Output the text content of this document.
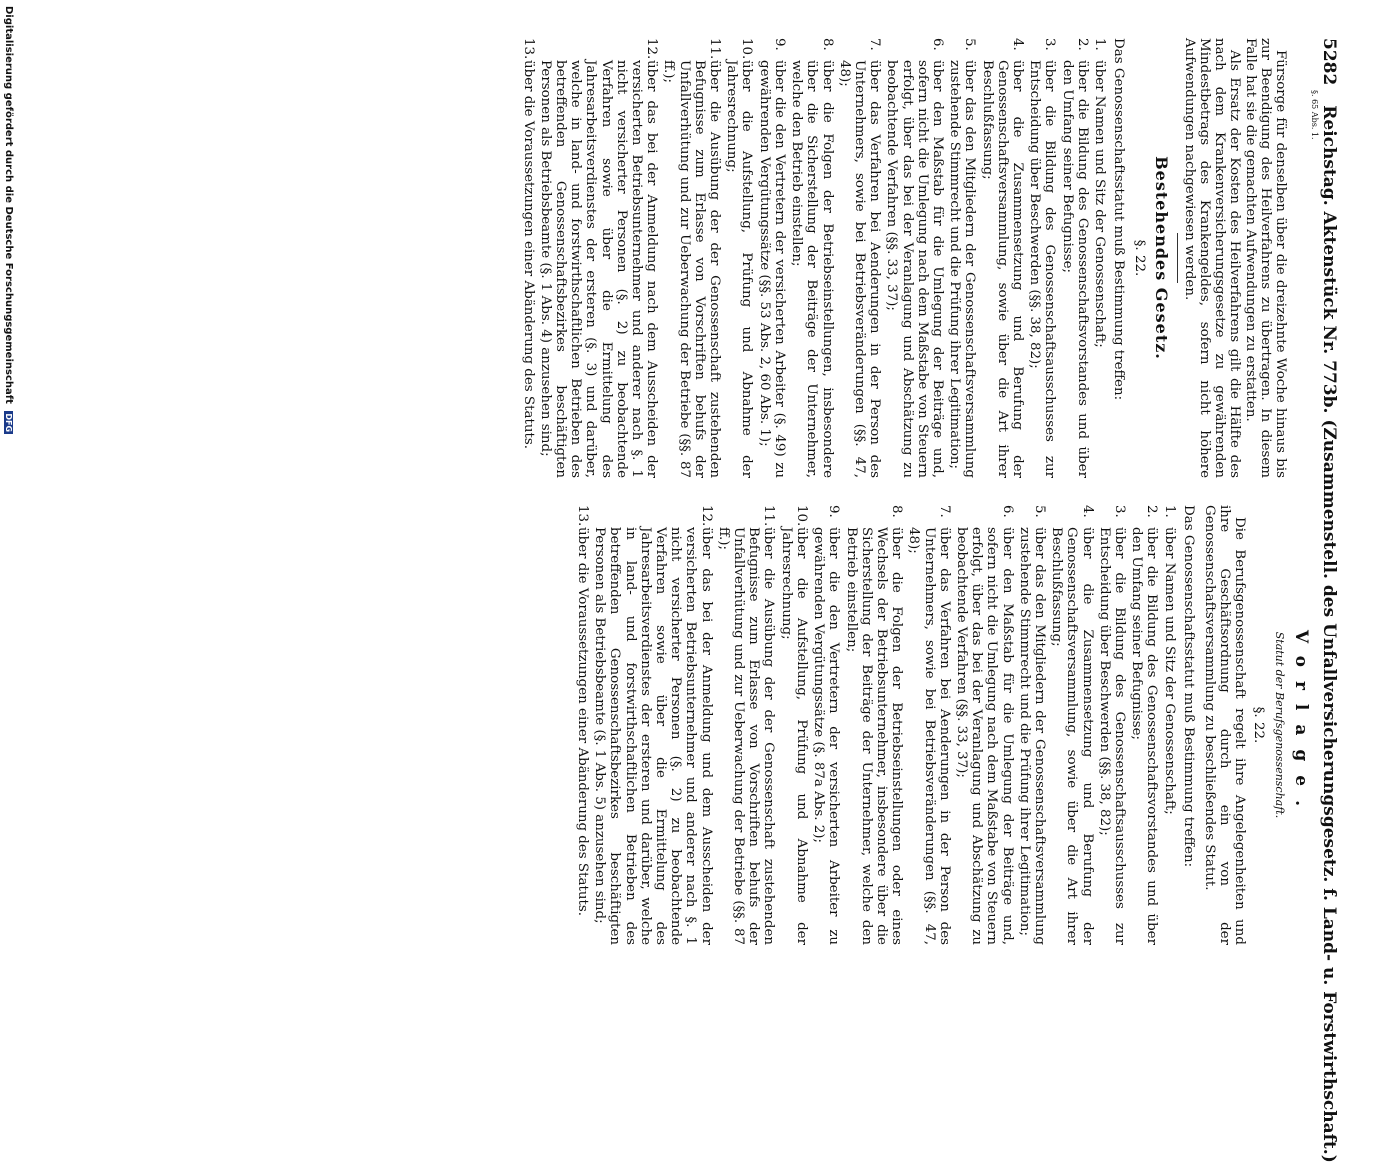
5282 Reichstag. Aktenstück Nr. 773b. (Zusammenstell. des Unfallversicherungsgesetz. f. Land- u. Forstwirthschaft.)
§. 65 Abs. 1.

Fürsorge für denselben über die dreizehnte Woche hinaus bis zur Beendigung des Heilverfahrens zu übertragen. In diesem Falle hat sie die gemachten Aufwendungen zu erstatten.

Als Ersatz der Kosten des Heilverfahrens gilt die Hälfte des nach dem Krankenversicherungsgesetze zu gewährenden Mindestbetrags des Krankengeldes, sofern nicht höhere Aufwendungen nachgewiesen werden.

Bestehendes Gesetz.
§. 22.
Das Genossenschaftsstatut muß Bestimmung treffen:
1.
über Namen und Sitz der Genossenschaft;
2.
über die Bildung des Genossenschaftsvorstandes und über den Umfang seiner Befugnisse;
3.
über die Bildung des Genossenschaftsausschusses zur Entscheidung über Beschwerden (§§. 38, 82);
4.
über die Zusammensetzung und Berufung der Genossenschaftsversammlung, sowie über die Art ihrer Beschlußfassung;
5.
über das den Mitgliedern der Genossenschaftsversammlung zustehende Stimmrecht und die Prüfung ihrer Legitimation;
6.
über den Maßstab für die Umlegung der Beiträge und, sofern nicht die Umlegung nach dem Maßstabe von Steuern erfolgt, über das bei der Veranlagung und Abschätzung zu beobachtende Verfahren (§§. 33, 37);
7.
über das Verfahren bei Aenderungen in der Person des Unternehmers, sowie bei Betriebsveränderungen (§§. 47, 48);
8.
über die Folgen der Betriebseinstellungen, insbesondere über die Sicherstellung der Beiträge der Unternehmer, welche den Betrieb einstellen;
9.
über die den Vertretern der versicherten Arbeiter (§. 49) zu gewährenden Vergütungssätze (§§. 53 Abs. 2, 60 Abs. 1);
10.
über die Aufstellung, Prüfung und Abnahme der Jahresrechnung;
11.
über die Ausübung der der Genossenschaft zustehenden Befugnisse zum Erlasse von Vorschriften behufs der Unfallverhütung und zur Ueberwachung der Betriebe (§§. 87 ff.);
12.
über das bei der Anmeldung nach dem Ausscheiden der versicherten Betriebsunternehmer und anderer nach §. 1 nicht versicherter Personen (§. 2) zu beobachtende Verfahren sowie über die Ermittelung des Jahresarbeitsverdienstes der ersteren (§. 3) und darüber, welche in land- und forstwirthschaftlichen Betrieben des betreffenden Genossenschaftsbezirkes beschäftigten Personen als Betriebsbeamte (§. 1 Abs. 4) anzusehen sind;
13.
über die Voraussetzungen einer Abänderung des Statuts.
Vorlage.
Statut der Berufsgenossenschaft.
§. 22.

Die Berufsgenossenschaft regelt ihre Angelegenheiten und ihre Geschäftsordnung durch ein von der Genossenschaftsversammlung zu beschließendes Statut.

Das Genossenschaftsstatut muß Bestimmung treffen:
1.
über Namen und Sitz der Genossenschaft;
2.
über die Bildung des Genossenschaftsvorstandes und über den Umfang seiner Befugnisse;
3.
über die Bildung des Genossenschaftsausschusses zur Entscheidung über Beschwerden (§§. 38, 82);
4.
über die Zusammensetzung und Berufung der Genossenschaftsversammlung, sowie über die Art ihrer Beschlußfassung;
5.
über das den Mitgliedern der Genossenschaftsversammlung zustehende Stimmrecht und die Prüfung ihrer Legitimation;
6.
über den Maßstab für die Umlegung der Beiträge und, sofern nicht die Umlegung nach dem Maßstabe von Steuern erfolgt, über das bei der Veranlagung und Abschätzung zu beobachtende Verfahren (§§. 33, 37);
7.
über das Verfahren bei Aenderungen in der Person des Unternehmers, sowie bei Betriebsveränderungen (§§. 47, 48);
8.
über die Folgen der Betriebseinstellungen oder eines Wechsels der Betriebsunternehmer, insbesondere über die Sicherstellung der Beiträge der Unternehmer, welche den Betrieb einstellen;
9.
über die den Vertretern der versicherten Arbeiter zu gewährenden Vergütungssätze (§. 87a Abs. 2);
10.
über die Aufstellung, Prüfung und Abnahme der Jahresrechnung;
11.
über die Ausübung der der Genossenschaft zustehenden Befugnisse zum Erlasse von Vorschriften behufs der Unfallverhütung und zur Ueberwachung der Betriebe (§§. 87 ff.);
12.
über das bei der Anmeldung und dem Ausscheiden der versicherten Betriebsunternehmer und anderer nach §. 1 nicht versicherter Personen (§. 2) zu beobachtende Verfahren sowie über die Ermittelung des Jahresarbeitsverdienstes der ersteren und darüber, welche in land- und forstwirthschaftlichen Betrieben des betreffenden Genossenschaftsbezirkes beschäftigten Personen als Betriebsbeamte (§. 1 Abs. 5) anzusehen sind;
13.
über die Voraussetzungen einer Abänderung des Statuts.
Digitalisierung gefördert durch die Deutsche Forschungsgemeinschaft DFG
